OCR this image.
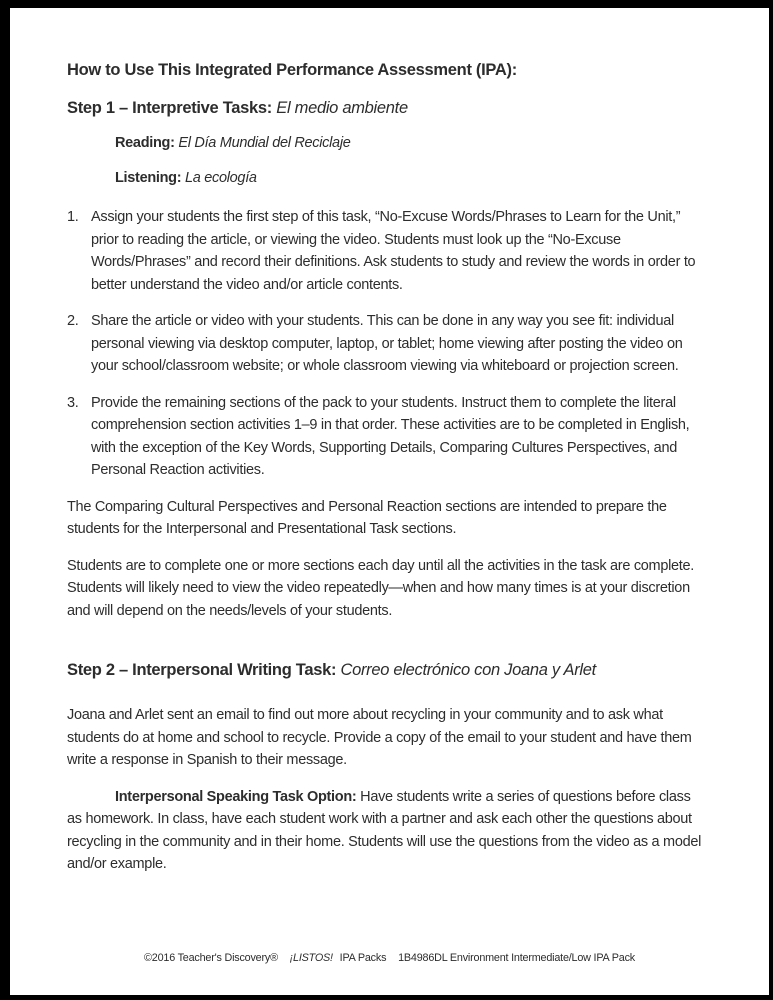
How to Use This Integrated Performance Assessment (IPA):

Step 1 – Interpretive Tasks: El medio ambiente

Reading: El Día Mundial del Reciclaje

Listening: La ecología

1. Assign your students the first step of this task, “No-Excuse Words/Phrases to Learn for the Unit,” prior to reading the article, or viewing the video. Students must look up the “No-Excuse Words/Phrases” and record their definitions. Ask students to study and review the words in order to better understand the video and/or article contents.
2. Share the article or video with your students. This can be done in any way you see fit: individual personal viewing via desktop computer, laptop, or tablet; home viewing after posting the video on your school/classroom website; or whole classroom viewing via whiteboard or projection screen.
3. Provide the remaining sections of the pack to your students. Instruct them to complete the literal comprehension section activities 1–9 in that order. These activities are to be completed in English, with the exception of the Key Words, Supporting Details, Comparing Cultures Perspectives, and Personal Reaction activities.

The Comparing Cultural Perspectives and Personal Reaction sections are intended to prepare the students for the Interpersonal and Presentational Task sections.

Students are to complete one or more sections each day until all the activities in the task are complete. Students will likely need to view the video repeatedly—when and how many times is at your discretion and will depend on the needs/levels of your students.

Step 2 – Interpersonal Writing Task: Correo electrónico con Joana y Arlet

Joana and Arlet sent an email to find out more about recycling in your community and to ask what students do at home and school to recycle. Provide a copy of the email to your student and have them write a response in Spanish to their message.

Interpersonal Speaking Task Option: Have students write a series of questions before class as homework. In class, have each student work with a partner and ask each other the questions about recycling in the community and in their home. Students will use the questions from the video as a model and/or example.

©2016 Teacher's Discovery® ¡LISTOS! IPA Packs 1B4986DL Environment Intermediate/Low IPA Pack
